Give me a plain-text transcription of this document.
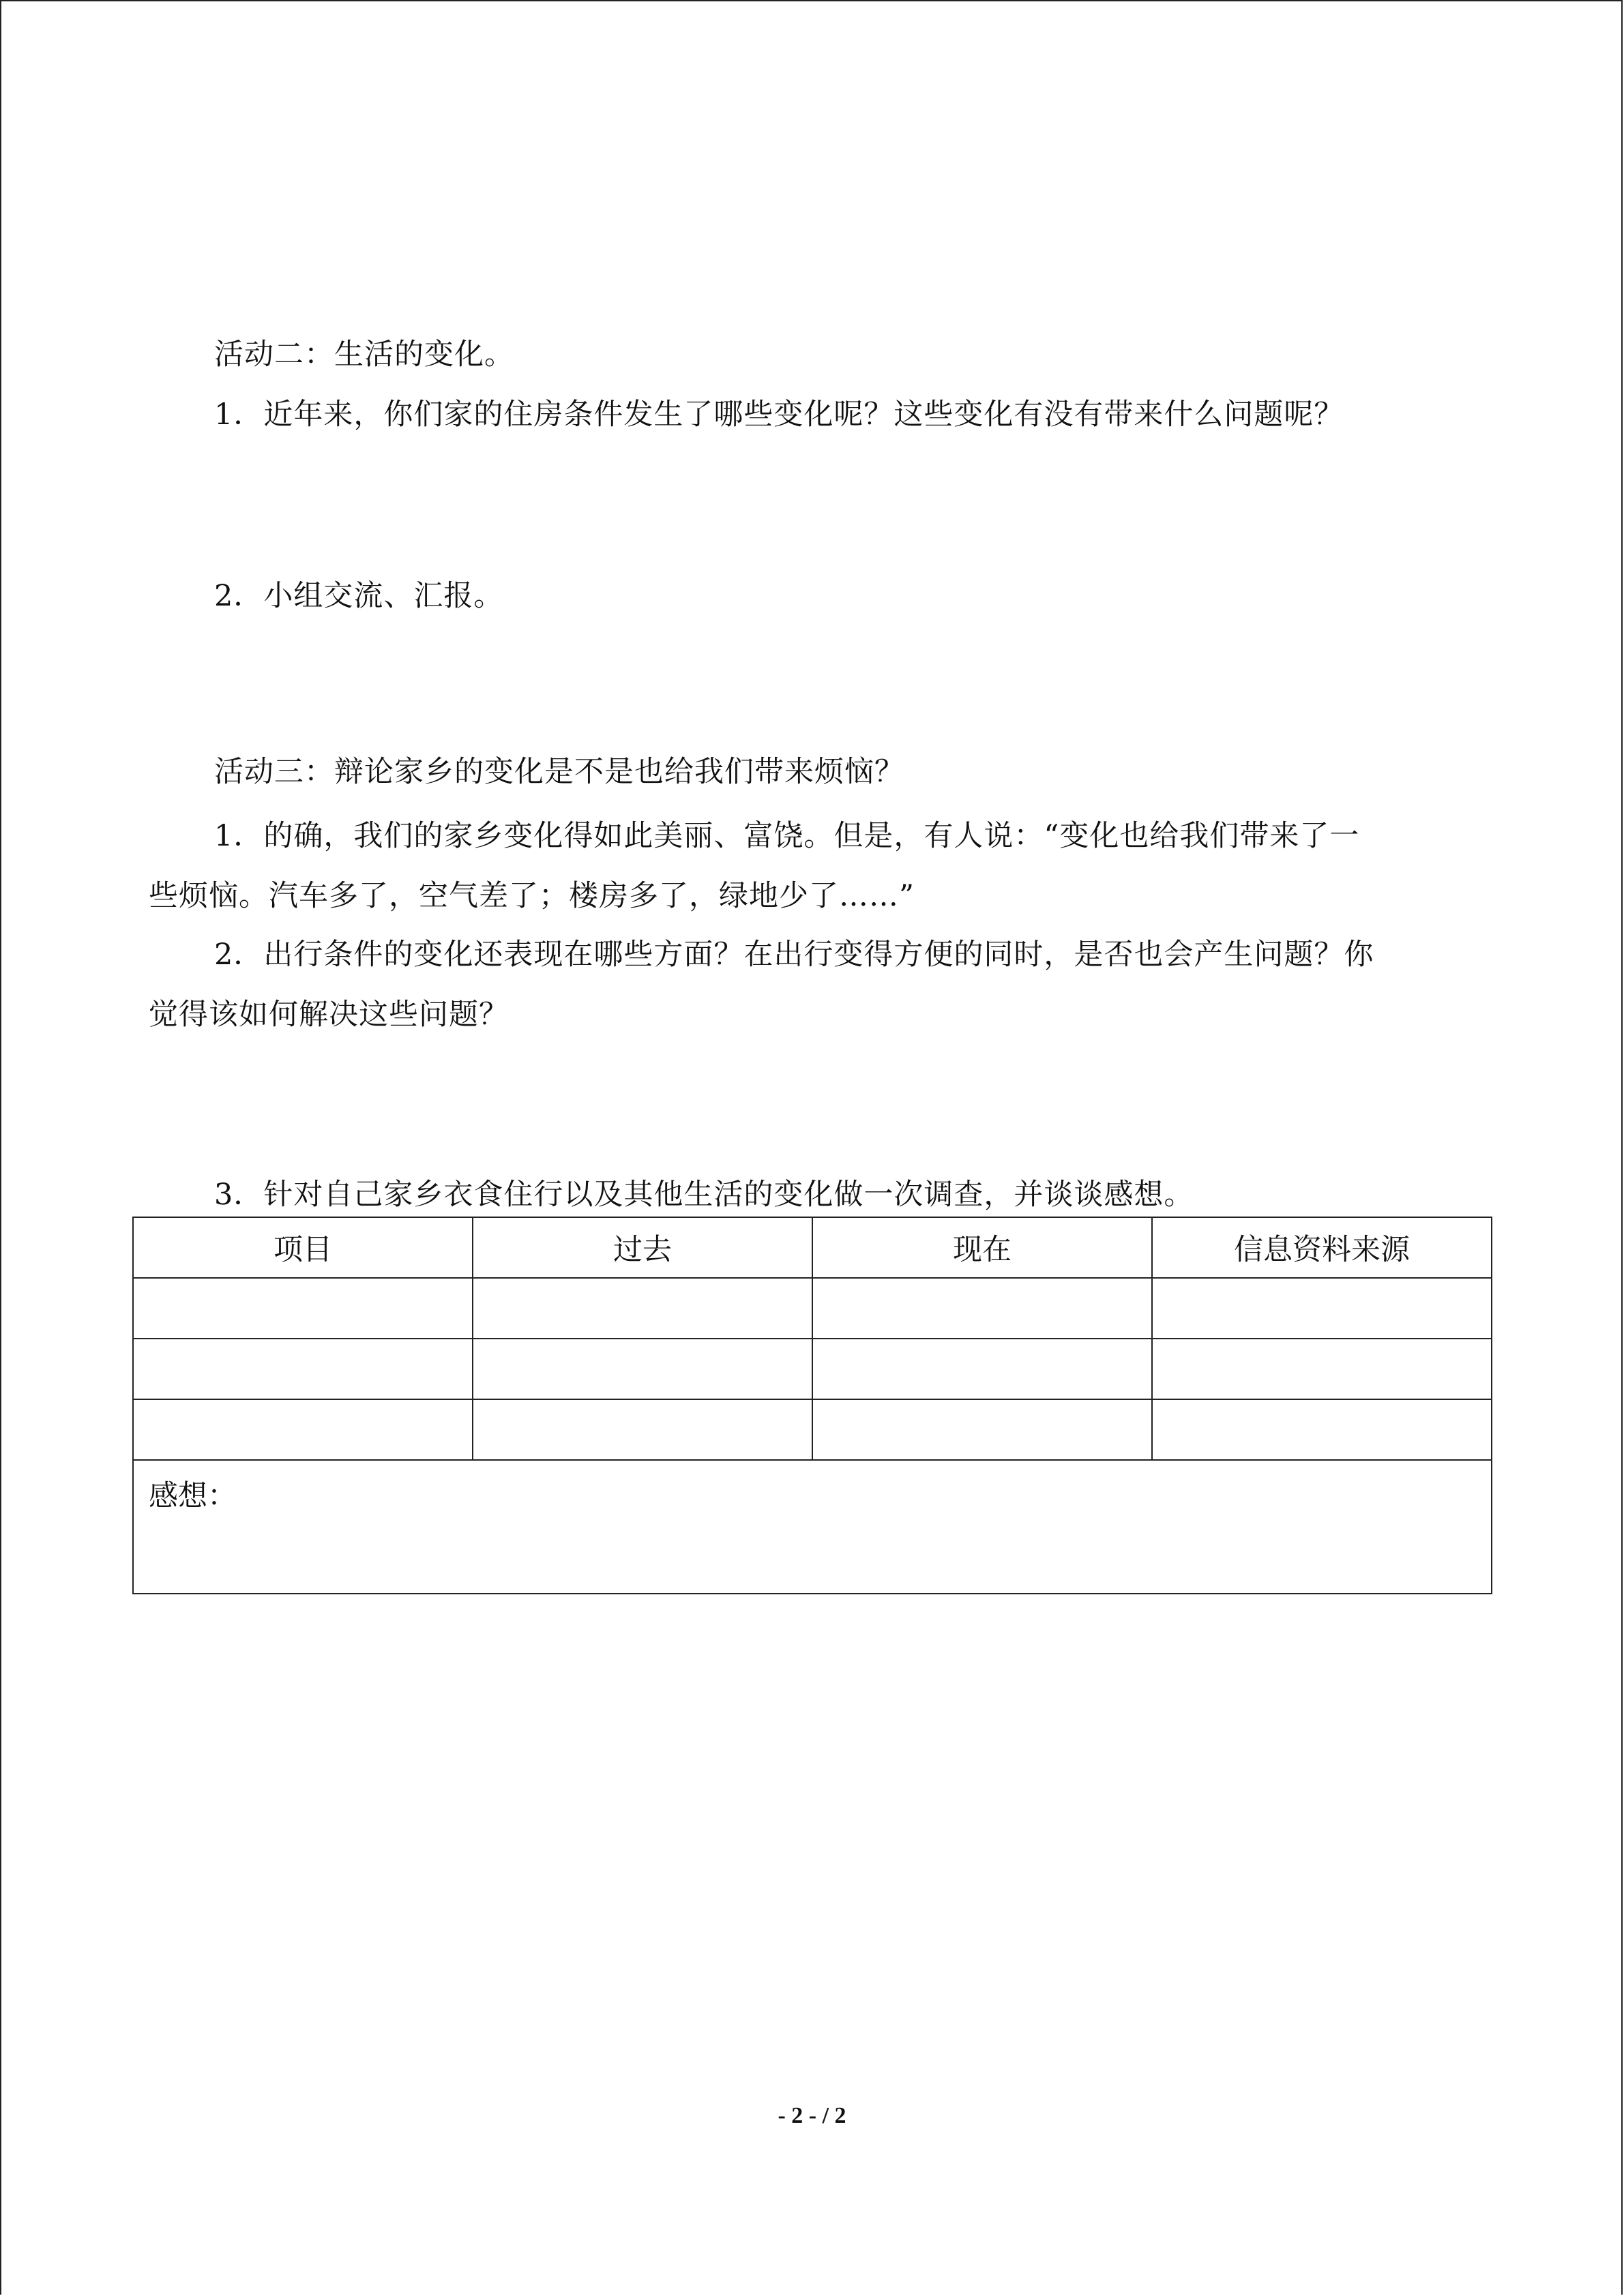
活动二：生活的变化。
1．近年来，你们家的住房条件发生了哪些变化呢？这些变化有没有带来什么问题呢？
2．小组交流、汇报。
活动三：辩论家乡的变化是不是也给我们带来烦恼？
1．的确，我们的家乡变化得如此美丽、富饶。但是，有人说：“变化也给我们带来了一
些烦恼。汽车多了，空气差了；楼房多了，绿地少了……”
2．出行条件的变化还表现在哪些方面？在出行变得方便的同时，是否也会产生问题？你
觉得该如何解决这些问题？
3．针对自己家乡衣食住行以及其他生活的变化做一次调查，并谈谈感想。
项目	过去	现在	信息资料来源

感想：			
- 2 - / 2
